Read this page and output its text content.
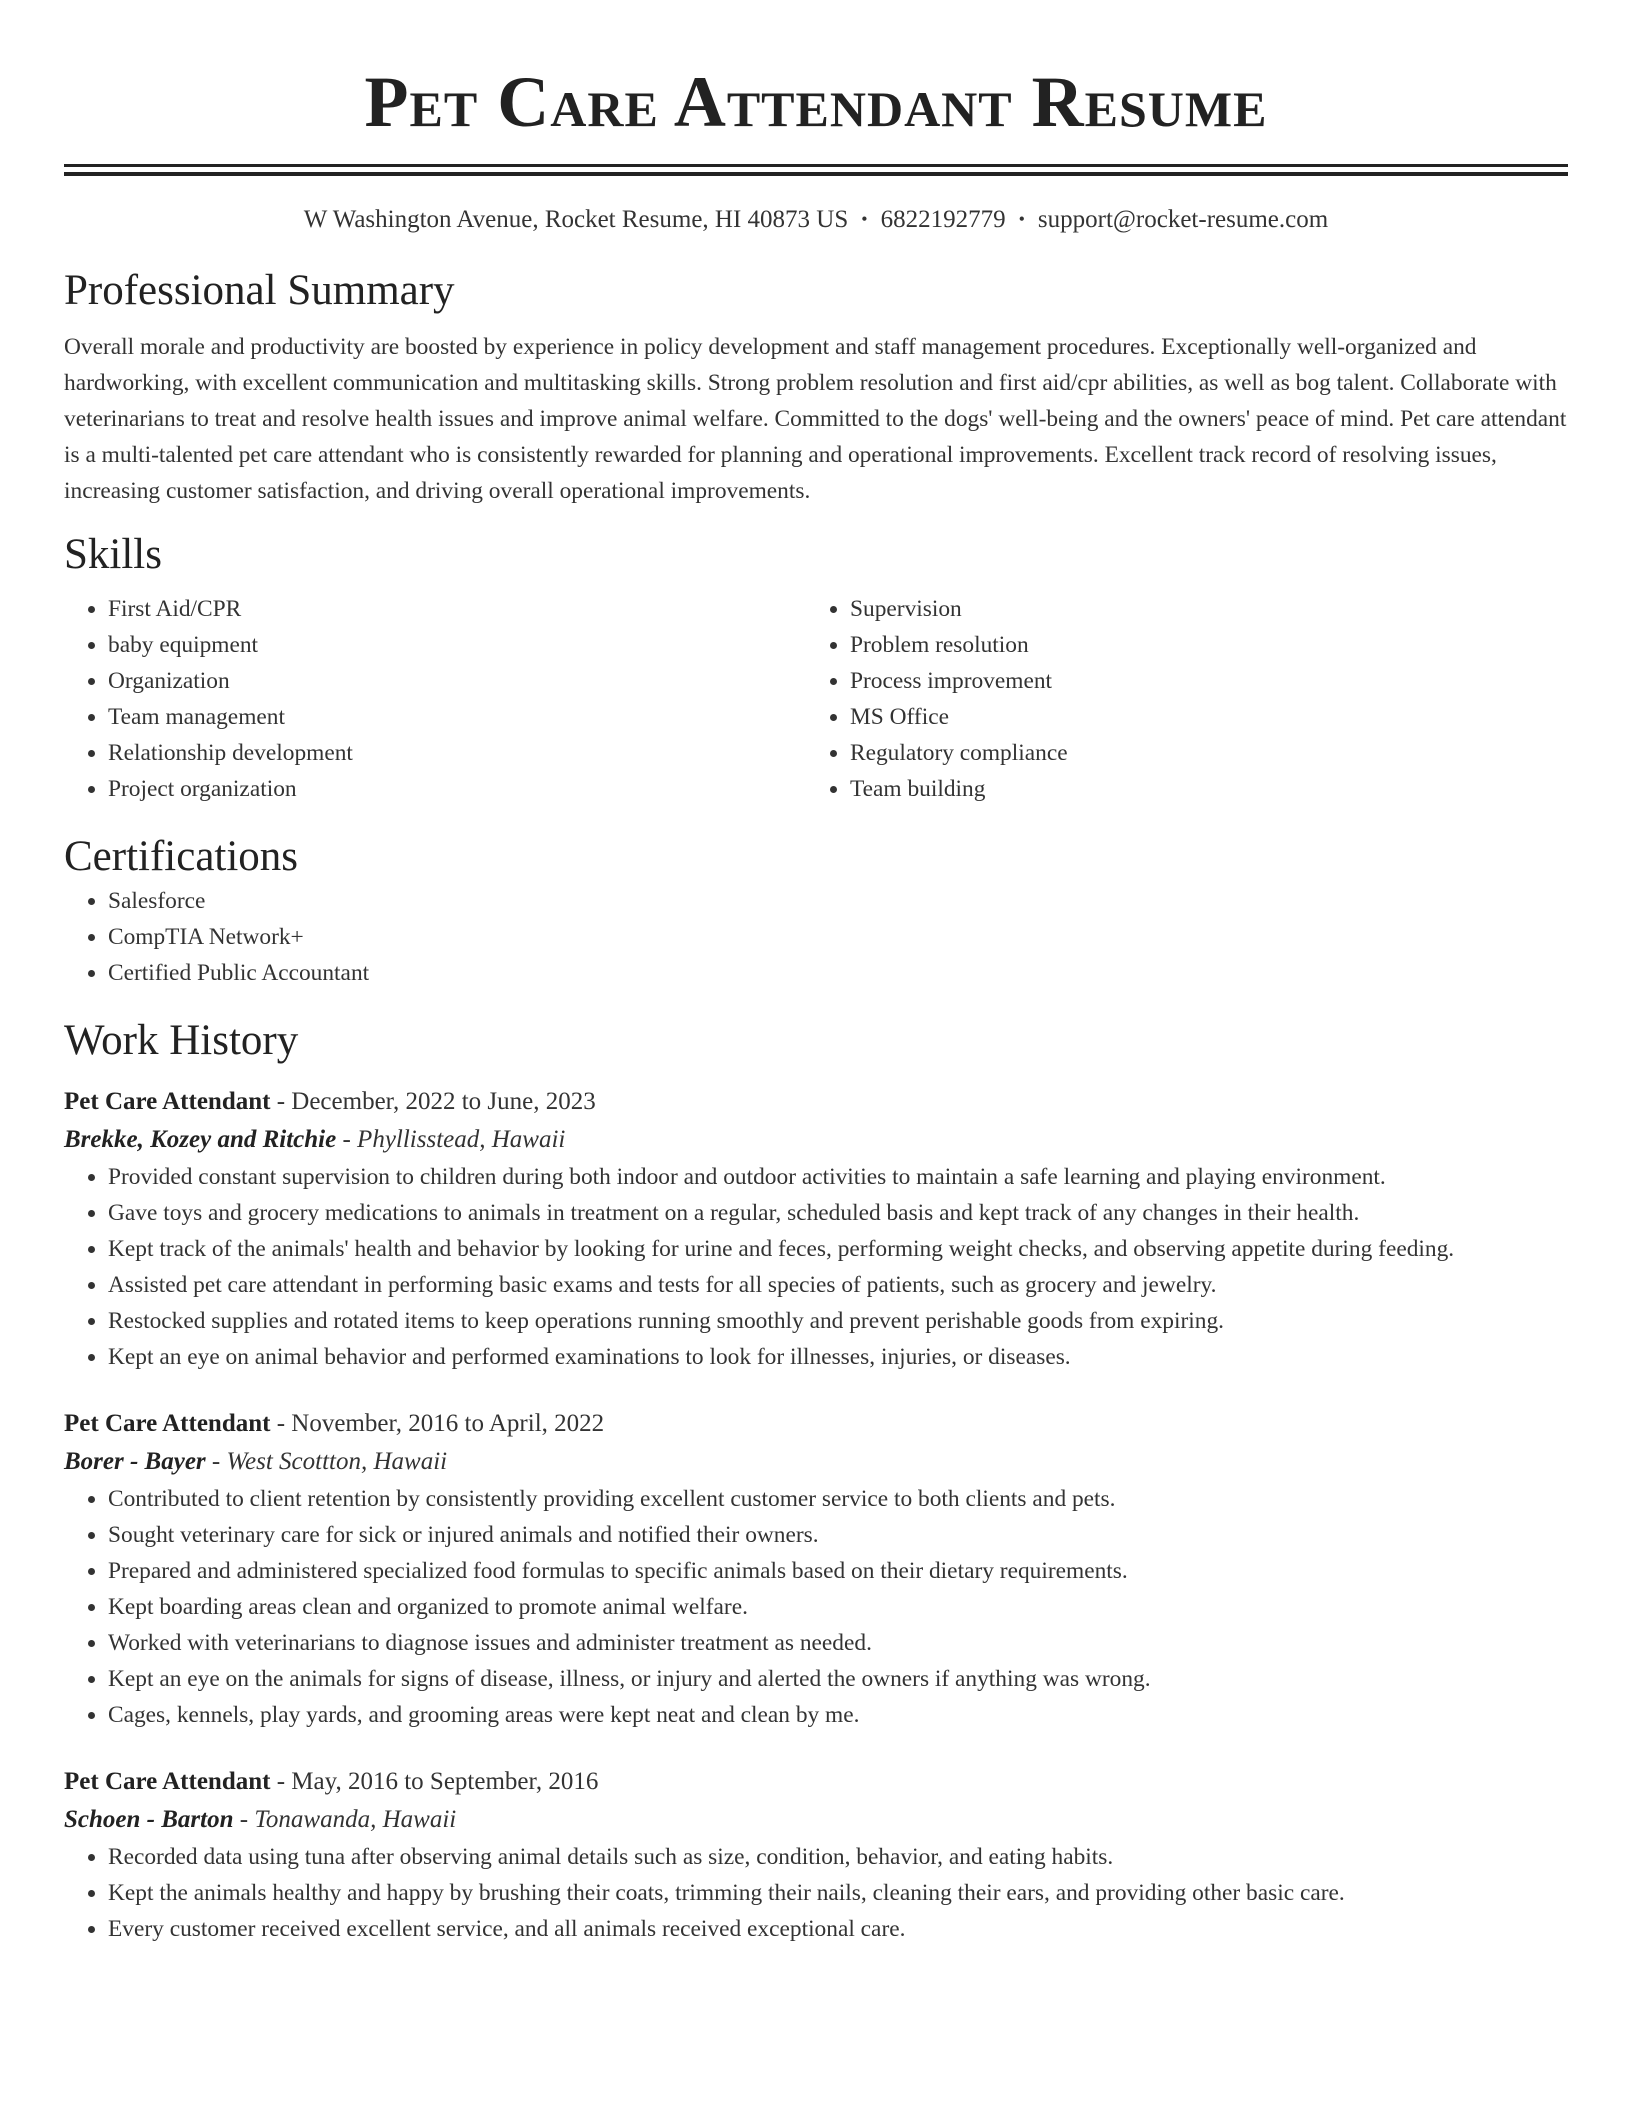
Pet Care Attendant Resume
W Washington Avenue, Rocket Resume, HI 40873 US • 6822192779 • support@rocket-resume.com
Professional Summary

Overall morale and productivity are boosted by experience in policy development and staff management procedures. Exceptionally well-organized and hardworking, with excellent communication and multitasking skills. Strong problem resolution and first aid/cpr abilities, as well as bog talent. Collaborate with veterinarians to treat and resolve health issues and improve animal welfare. Committed to the dogs' well-being and the owners' peace of mind. Pet care attendant is a multi-talented pet care attendant who is consistently rewarded for planning and operational improvements. Excellent track record of resolving issues, increasing customer satisfaction, and driving overall operational improvements.

Skills
• First Aid/CPR
• baby equipment
• Organization
• Team management
• Relationship development
• Project organization
• Supervision
• Problem resolution
• Process improvement
• MS Office
• Regulatory compliance
• Team building
Certifications
• Salesforce
• CompTIA Network+
• Certified Public Accountant
Work History
Pet Care Attendant - December, 2022 to June, 2023
Brekke, Kozey and Ritchie - Phyllisstead, Hawaii
• Provided constant supervision to children during both indoor and outdoor activities to maintain a safe learning and playing environment.
• Gave toys and grocery medications to animals in treatment on a regular, scheduled basis and kept track of any changes in their health.
• Kept track of the animals' health and behavior by looking for urine and feces, performing weight checks, and observing appetite during feeding.
• Assisted pet care attendant in performing basic exams and tests for all species of patients, such as grocery and jewelry.
• Restocked supplies and rotated items to keep operations running smoothly and prevent perishable goods from expiring.
• Kept an eye on animal behavior and performed examinations to look for illnesses, injuries, or diseases.
Pet Care Attendant - November, 2016 to April, 2022
Borer - Bayer - West Scottton, Hawaii
• Contributed to client retention by consistently providing excellent customer service to both clients and pets.
• Sought veterinary care for sick or injured animals and notified their owners.
• Prepared and administered specialized food formulas to specific animals based on their dietary requirements.
• Kept boarding areas clean and organized to promote animal welfare.
• Worked with veterinarians to diagnose issues and administer treatment as needed.
• Kept an eye on the animals for signs of disease, illness, or injury and alerted the owners if anything was wrong.
• Cages, kennels, play yards, and grooming areas were kept neat and clean by me.
Pet Care Attendant - May, 2016 to September, 2016
Schoen - Barton - Tonawanda, Hawaii
• Recorded data using tuna after observing animal details such as size, condition, behavior, and eating habits.
• Kept the animals healthy and happy by brushing their coats, trimming their nails, cleaning their ears, and providing other basic care.
• Every customer received excellent service, and all animals received exceptional care.
